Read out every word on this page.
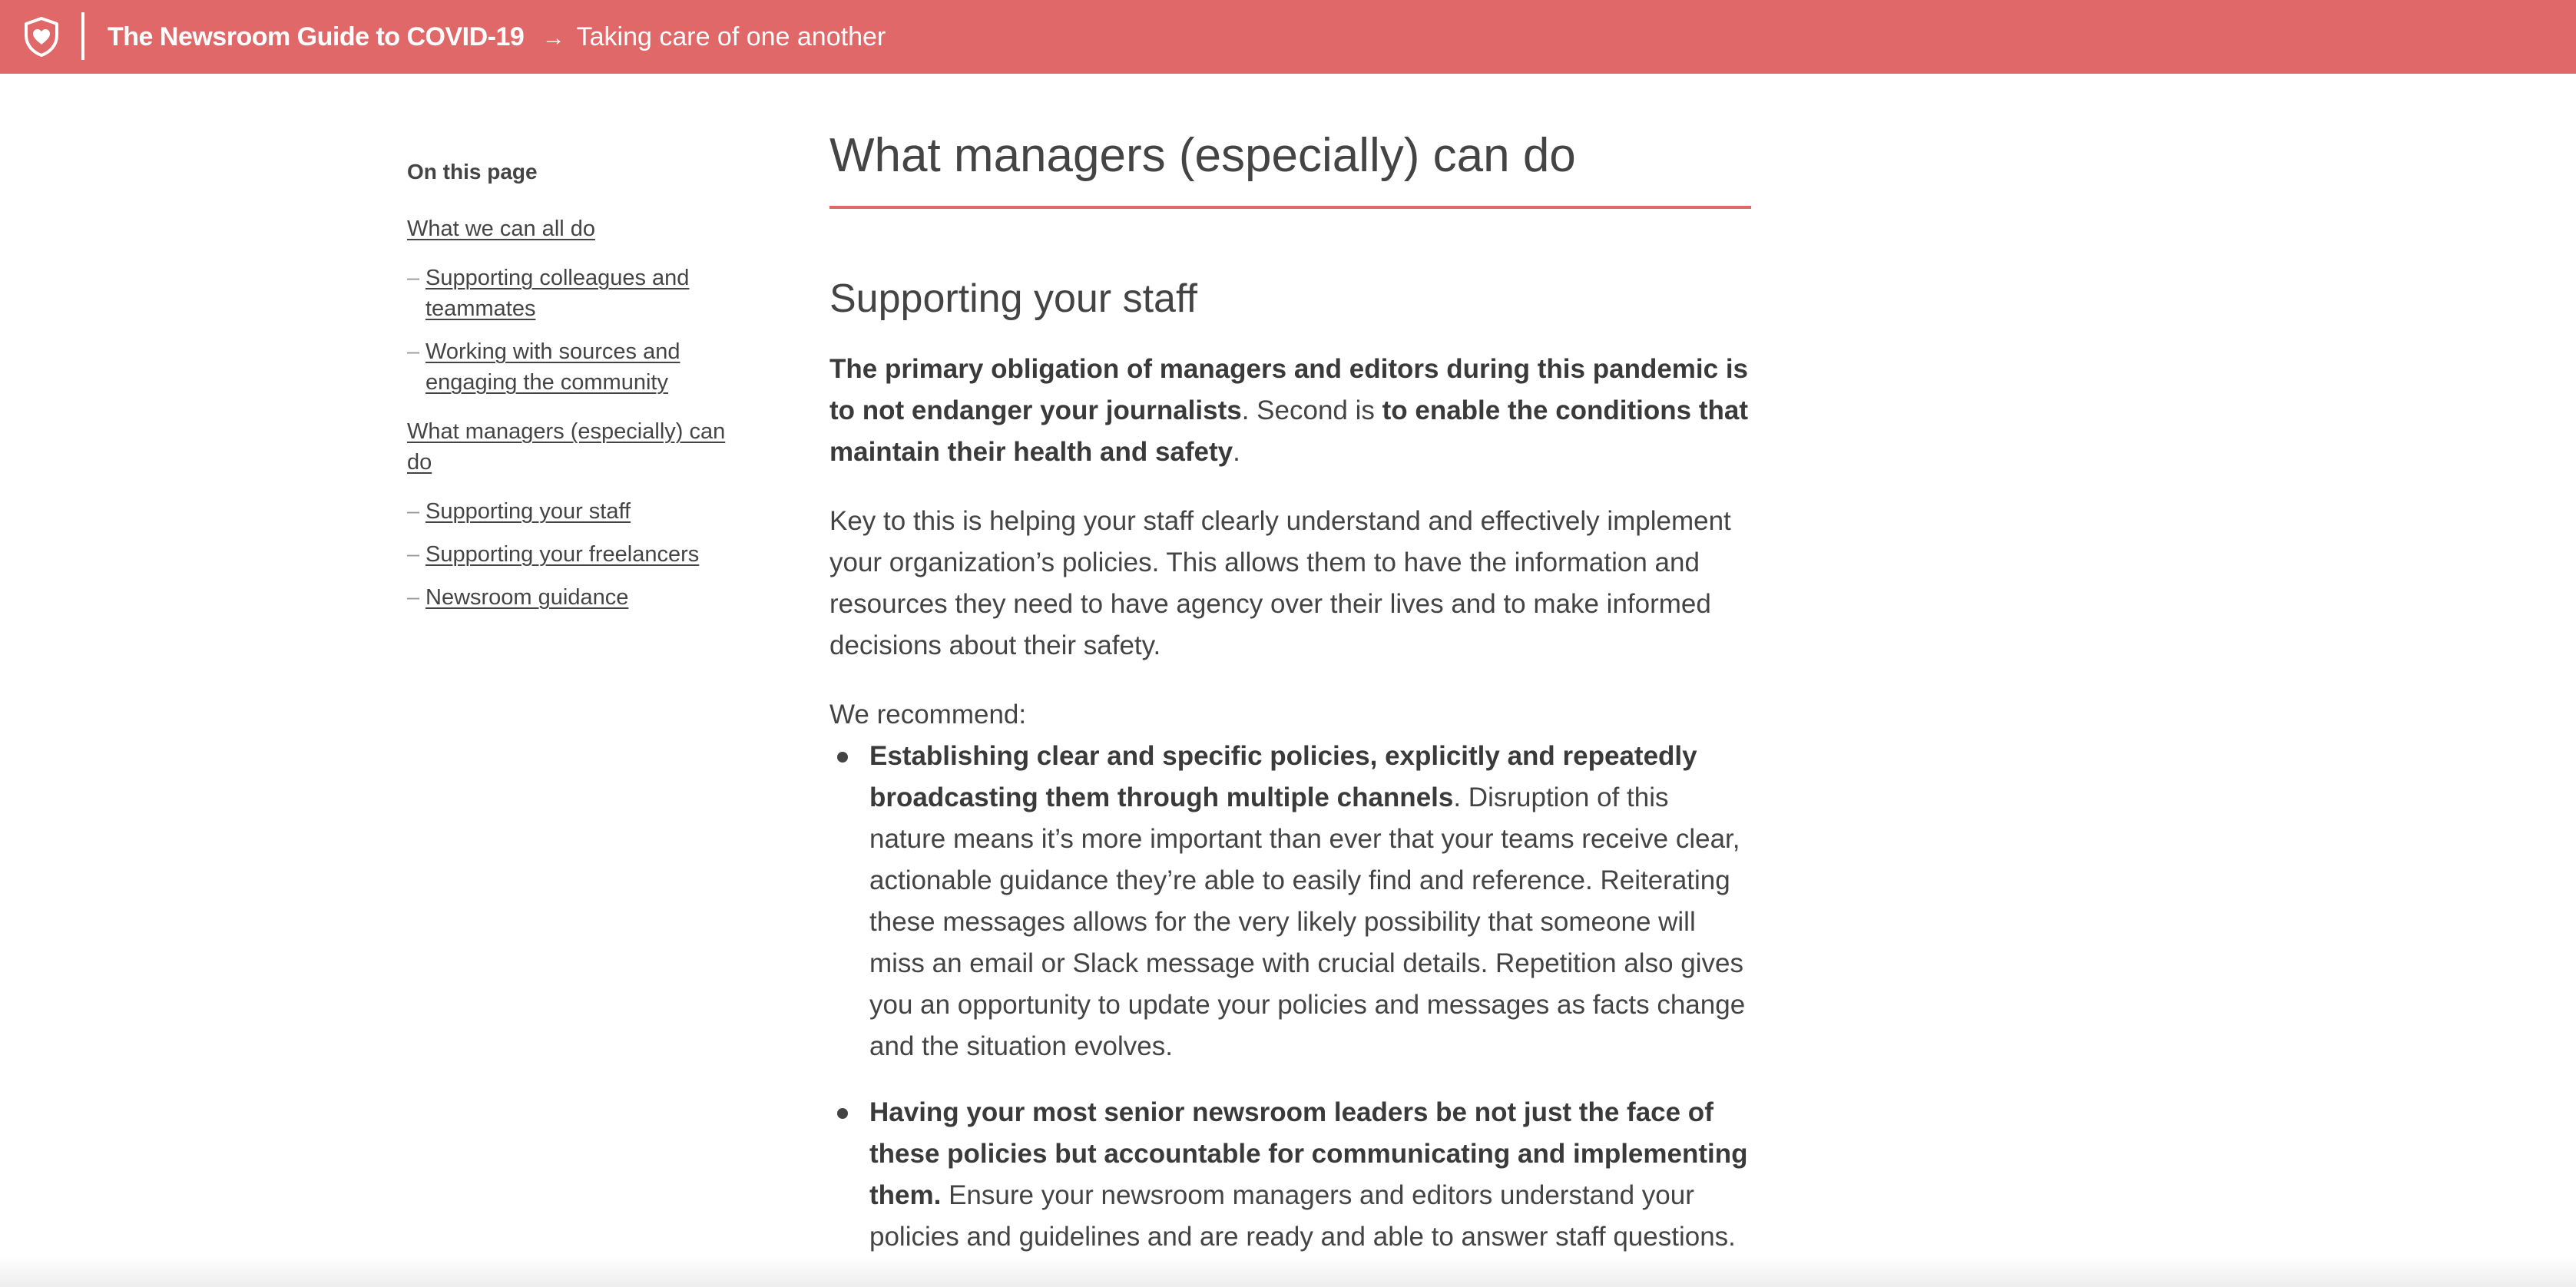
The Newsroom Guide to COVID-19 → Taking care of one another
On this page
What we can all do
– Supporting colleagues and teammates
– Working with sources and engaging the community
What managers (especially) can do
– Supporting your staff
– Supporting your freelancers
– Newsroom guidance
What managers (especially) can do
Supporting your staff

The primary obligation of managers and editors during this pandemic is to not endanger your journalists. Second is to enable the conditions that maintain their health and safety.

Key to this is helping your staff clearly understand and effectively implement your organization’s policies. This allows them to have the information and resources they need to have agency over their lives and to make informed decisions about their safety.

We recommend:

Establishing clear and specific policies, explicitly and repeatedly broadcasting them through multiple channels. Disruption of this nature means it’s more important than ever that your teams receive clear, actionable guidance they’re able to easily find and reference. Reiterating these messages allows for the very likely possibility that someone will miss an email or Slack message with crucial details. Repetition also gives you an opportunity to update your policies and messages as facts change and the situation evolves.
Having your most senior newsroom leaders be not just the face of these policies but accountable for communicating and implementing them. Ensure your newsroom managers and editors understand your policies and guidelines and are ready and able to answer staff questions.
